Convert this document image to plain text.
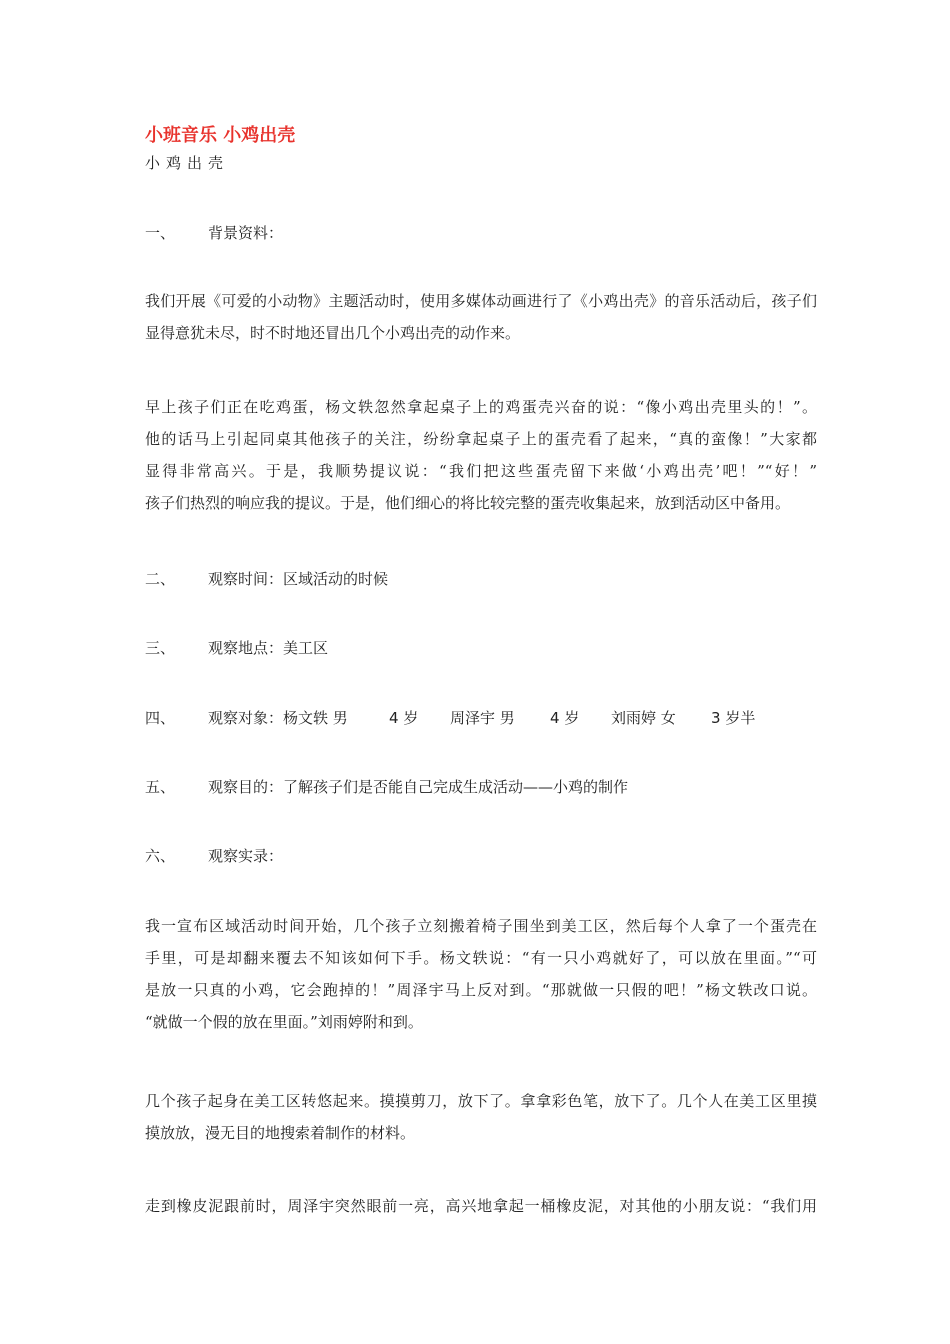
小班音乐 小鸡出壳
小鸡出壳
一、 背景资料：
我们开展《可爱的小动物》主题活动时，使用多媒体动画进行了《小鸡出壳》的音乐活动后，孩子们
显得意犹未尽，时不时地还冒出几个小鸡出壳的动作来。
早上孩子们正在吃鸡蛋，杨文轶忽然拿起桌子上的鸡蛋壳兴奋的说：“像小鸡出壳里头的！”。
他的话马上引起同桌其他孩子的关注，纷纷拿起桌子上的蛋壳看了起来，“真的蛮像！”大家都
显得非常高兴。于是，我顺势提议说：“我们把这些蛋壳留下来做‘小鸡出壳’吧！”“好！”
孩子们热烈的响应我的提议。于是，他们细心的将比较完整的蛋壳收集起来，放到活动区中备用。
二、 观察时间：区域活动的时候
三、 观察地点：美工区
四、 观察对象：杨文轶 男	4 岁 周泽宇 男 4 岁 刘雨婷 女 3 岁半
五、 观察目的：了解孩子们是否能自己完成生成活动——小鸡的制作
六、 观察实录：
我一宣布区域活动时间开始，几个孩子立刻搬着椅子围坐到美工区，然后每个人拿了一个蛋壳在
手里，可是却翻来覆去不知该如何下手。杨文轶说：“有一只小鸡就好了，可以放在里面。”“可
是放一只真的小鸡，它会跑掉的！”周泽宇马上反对到。“那就做一只假的吧！”杨文轶改口说。
“就做一个假的放在里面。”刘雨婷附和到。
几个孩子起身在美工区转悠起来。摸摸剪刀，放下了。拿拿彩色笔，放下了。几个人在美工区里摸
摸放放，漫无目的地搜索着制作的材料。
走到橡皮泥跟前时，周泽宇突然眼前一亮，高兴地拿起一桶橡皮泥，对其他的小朋友说：“我们用
